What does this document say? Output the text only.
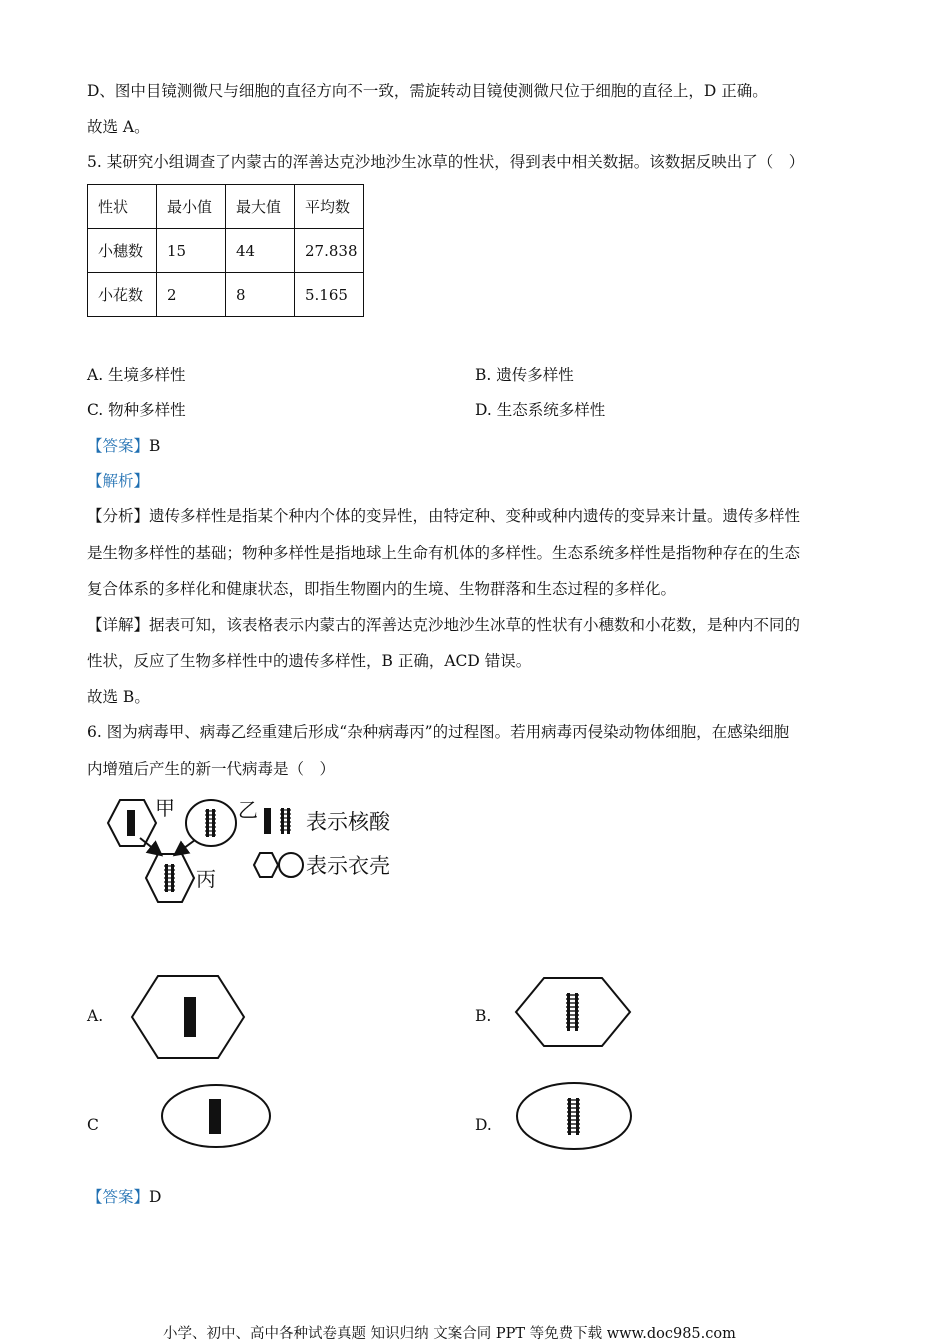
D、图中目镜测微尺与细胞的直径方向不一致，需旋转动目镜使测微尺位于细胞的直径上，D 正确。
故选 A。
5. 某研究小组调查了内蒙古的浑善达克沙地沙生冰草的性状，得到表中相关数据。该数据反映出了（　）
性状	最小值	最大值	平均数
小穗数	15	44	27.838
小花数	2	8	5.165
A. 生境多样性	B. 遗传多样性
C. 物种多样性	D. 生态系统多样性
【答案】B
【解析】
【分析】遗传多样性是指某个种内个体的变异性，由特定种、变种或种内遗传的变异来计量。遗传多样性
是生物多样性的基础；物种多样性是指地球上生命有机体的多样性。生态系统多样性是指物种存在的生态
复合体系的多样化和健康状态，即指生物圈内的生境、生物群落和生态过程的多样化。
【详解】据表可知，该表格表示内蒙古的浑善达克沙地沙生冰草的性状有小穗数和小花数，是种内不同的
性状，反应了生物多样性中的遗传多样性，B 正确，ACD 错误。
故选 B。
6. 图为病毒甲、病毒乙经重建后形成“杂种病毒丙”的过程图。若用病毒丙侵染动物体细胞，在感染细胞
内增殖后产生的新一代病毒是（　）
甲	乙
丙
表示核酸
表示衣壳
A.	B.
C	D.
【答案】D
小学、初中、高中各种试卷真题 知识归纳 文案合同 PPT 等免费下载 www.doc985.com
